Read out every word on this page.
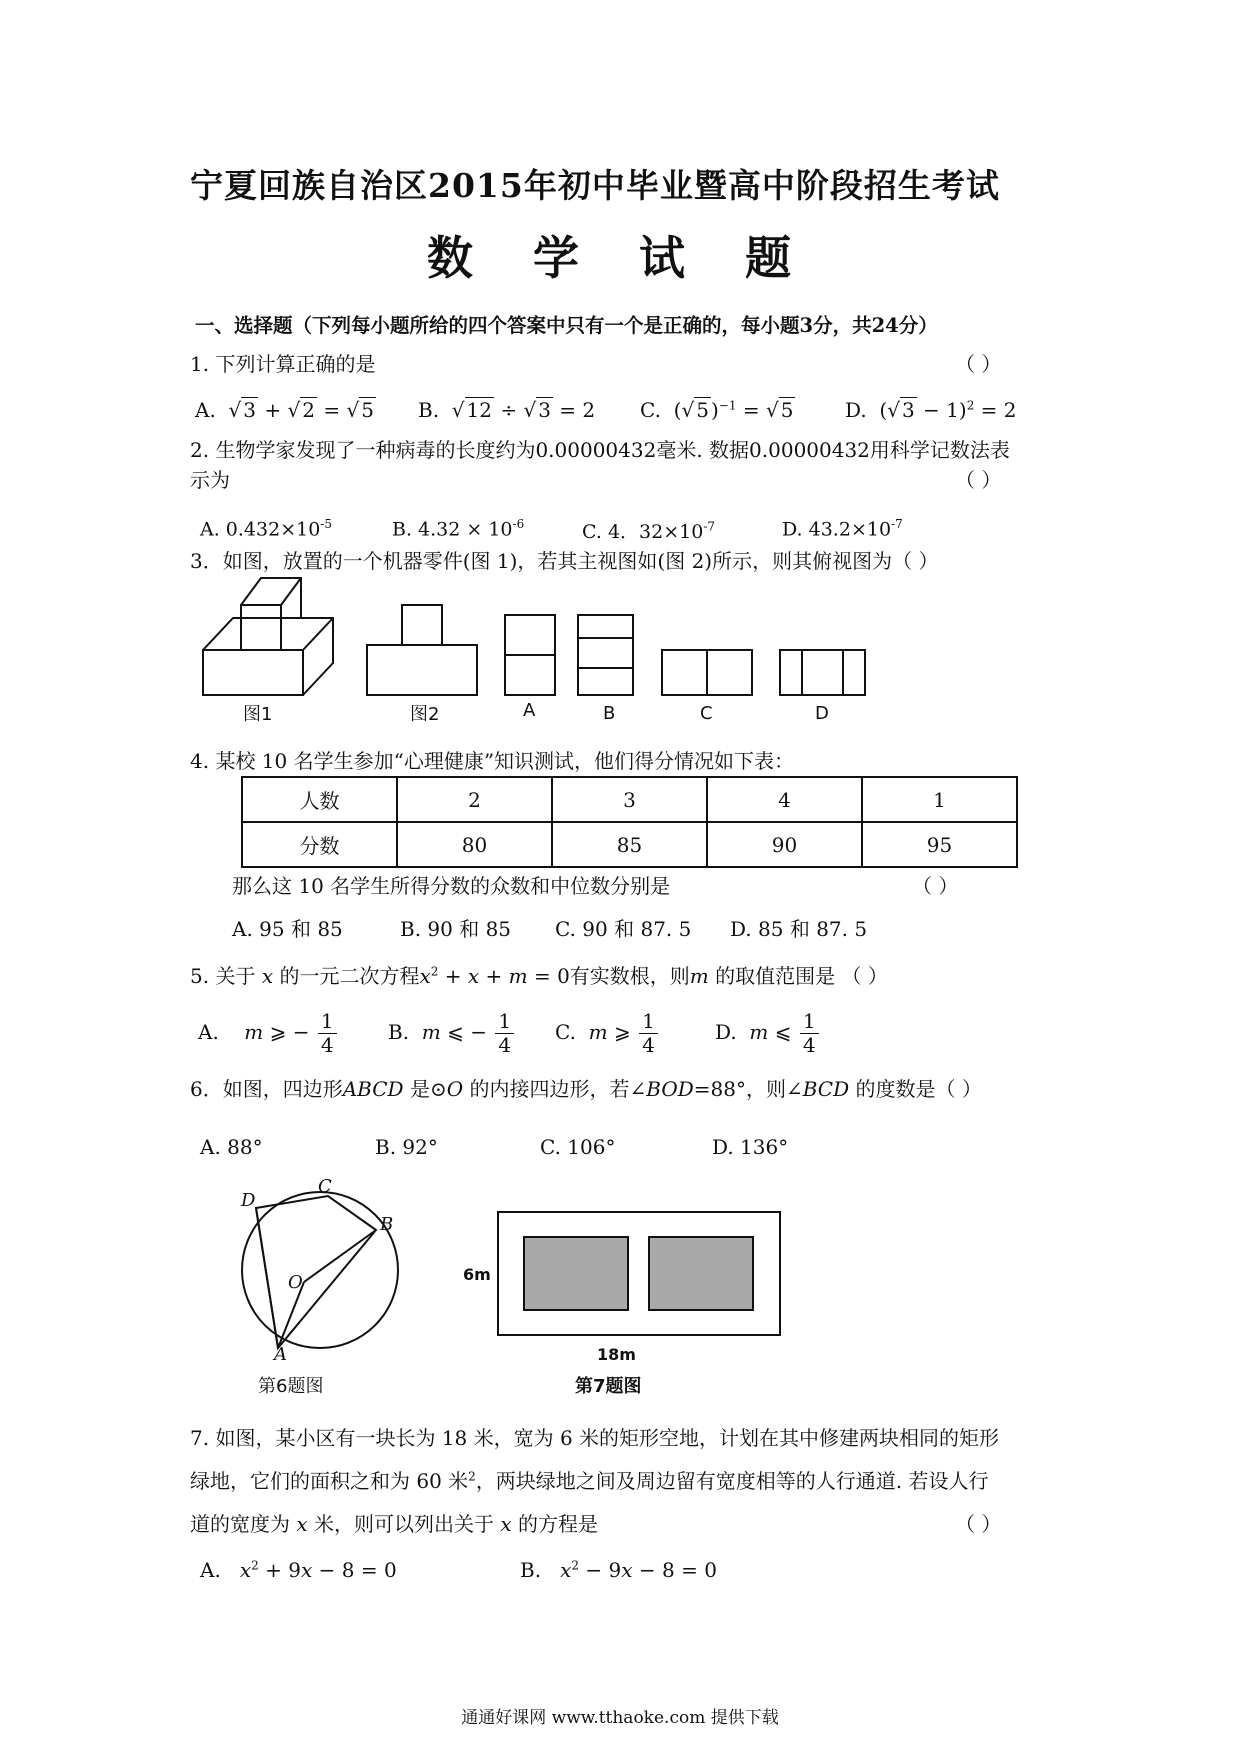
宁夏回族自治区2015年初中毕业暨高中阶段招生考试
数 学 试 题
一、选择题（下列每小题所给的四个答案中只有一个是正确的，每小题3分，共24分）
1. 下列计算正确的是	（ ）
A.  √ 3 + √ 2 = √ 5 B.  √ 12 ÷ √ 3 = 2 C.  (√ 5 )$^{-1}$ = √ 5	D.  (√ 3 − 1)$^2$ = 2
2. 生物学家发现了一种病毒的长度约为0.00000432毫米. 数据0.00000432用科学记数法表
示为	（ ）
A. $0.432\times 10^{-5}$	B. $4.32 \times 10^{-6}$	C. 4．$32\times 10^{-7}$	D. $43.2\times 10^{-7}$
3．如图，放置的一个机器零件(图 1)，若其主视图如(图 2)所示，则其俯视图为（ ）
图1	图2	A	B	C	D
4. 某校 10 名学生参加“心理健康”知识测试，他们得分情况如下表：
人数	2	3	4	1
分数	80	85	90	95
那么这 10 名学生所得分数的众数和中位数分别是	（ ）
A. 95 和 85	B. 90 和 85 C. 90 和 87. 5 D. 85 和 87. 5
5. 关于 x 的一元二次方程$x^2 + x + m = 0$有实数根，则m 的取值范围是 （ ）
A. m ⩾ − $\frac{1}{4}$	B. m ⩽ − $\frac{1}{4} C$. m ⩾ $\frac{1}{4}$	D. m ⩽ $\frac{1}{4}$
6．如图，四边形ABCD 是⊙O 的内接四边形，若∠BOD=88°，则∠BCD 的度数是（ ）
A. 88°	B. 92°	C. 106°	D. 136°
D
C
B
O
A
第6题图
6m
18m
第7题图
7. 如图，某小区有一块长为 18 米，宽为 6 米的矩形空地，计划在其中修建两块相同的矩形
绿地，它们的面积之和为 60 米$^2$，两块绿地之间及周边留有宽度相等的人行通道. 若设人行
道的宽度为 x 米，则可以列出关于 x 的方程是	（ ）
A. $x^2 + 9x - 8 = 0$	B. $x^2 - 9x - 8 = 0$
通通好课网 www.tthaoke.com 提供下载
